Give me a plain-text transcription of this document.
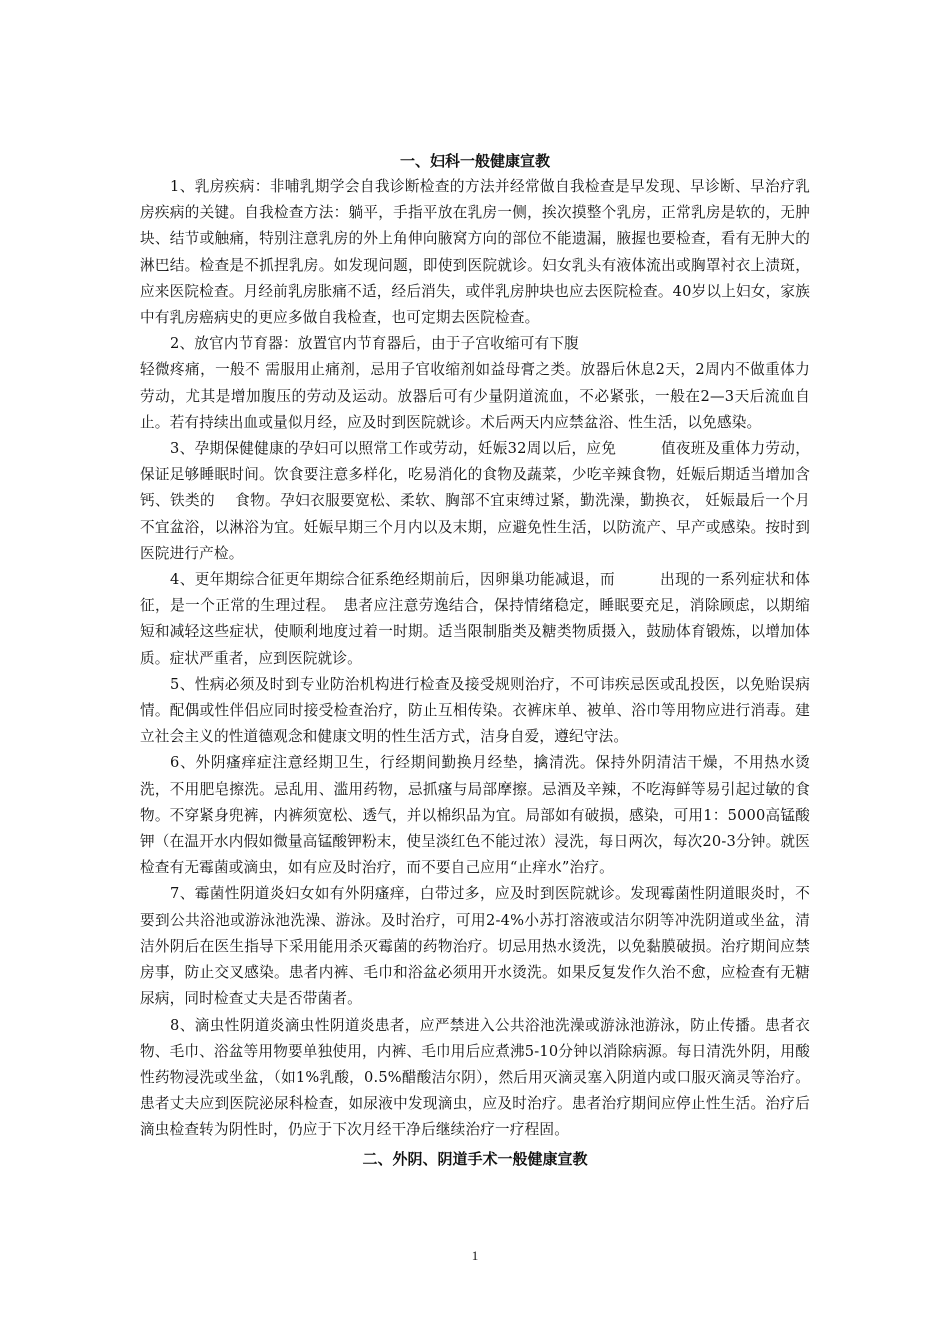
一、妇科一般健康宣教

1、乳房疾病：非哺乳期学会自我诊断检查的方法并经常做自我检查是早发现、早诊断、早治疗乳房疾病的关键。自我检查方法：躺平，手指平放在乳房一侧，挨次摸整个乳房，正常乳房是软的，无肿块、结节或触痛，特别注意乳房的外上角伸向腋窝方向的部位不能遗漏，腋握也要检查，看有无肿大的淋巴结。检查是不抓捏乳房。如发现问题，即使到医院就诊。妇女乳头有液体流出或胸罩衬衣上渍斑，应来医院检查。月经前乳房胀痛不适，经后消失，或伴乳房肿块也应去医院检查。40岁以上妇女，家族中有乳房癌病史的更应多做自我检查，也可定期去医院检查。

2、放官内节育器：放置官内节育器后，由于子宫收缩可有下腹

轻微疼痛，一般不 需服用止痛剂，忌用子官收缩剂如益母膏之类。放器后休息2天，2周内不做重体力劳动，尤其是增加腹压的劳动及运动。放器后可有少量阴道流血，不必紧张，一般在2—3天后流血自止。若有持续出血或量似月经，应及时到医院就诊。术后两天内应禁盆浴、性生活，以免感染。

3、孕期保健健康的孕妇可以照常工作或劳动，妊娠32周以后，应免　　　值夜班及重体力劳动，保证足够睡眠时间。饮食要注意多样化，吃易消化的食物及蔬菜，少吃辛辣食物，妊娠后期适当增加含钙、铁类的　 食物。孕妇衣服要宽松、柔软、胸部不宜束缚过紧，勤洗澡，勤换衣， 妊娠最后一个月不宜盆浴，以淋浴为宜。妊娠早期三个月内以及末期，应避免性生活，以防流产、早产或感染。按时到医院进行产检。

4、更年期综合征更年期综合征系绝经期前后，因卵巢功能减退，而　　　出现的一系列症状和体征，是一个正常的生理过程。　患者应注意劳逸结合，保持情绪稳定，睡眠要充足，消除顾虑，以期缩短和减轻这些症状，使顺利地度过着一时期。适当限制脂类及糖类物质摄入，鼓励体育锻炼，以增加体质。症状严重者，应到医院就诊。

5、性病必须及时到专业防治机构进行检查及接受规则治疗，不可讳疾忌医或乱投医，以免贻误病情。配偶或性伴侣应同时接受检查治疗，防止互相传染。衣裤床单、被单、浴巾等用物应进行消毒。建立社会主义的性道德观念和健康文明的性生活方式，洁身自爱，遵纪守法。

6、外阴瘙痒症注意经期卫生，行经期间勤换月经垫，擒清洗。保持外阴清洁干燥，不用热水烫洗，不用肥皂擦洗。忌乱用、滥用药物，忌抓瘙与局部摩擦。忌酒及辛辣，不吃海鲜等易引起过敏的食物。不穿紧身兜裤，内裤须宽松、透气，并以棉织品为宜。局部如有破损，感染，可用1：5000高锰酸钾（在温开水内假如微量高锰酸钾粉末，使呈淡红色不能过浓）浸洗，每日两次，每次20-3分钟。就医检查有无霉菌或滴虫，如有应及时治疗，而不要自己应用“止痒水”治疗。

7、霉菌性阴道炎妇女如有外阴瘙痒，白带过多，应及时到医院就诊。发现霉菌性阴道眼炎时，不要到公共浴池或游泳池洗澡、游泳。及时治疗，可用2-4%小苏打溶液或洁尔阴等冲洗阴道或坐盆，清洁外阴后在医生指导下采用能用杀灭霉菌的药物治疗。切忌用热水烫洗，以免黏膜破损。治疗期间应禁房事，防止交叉感染。患者内裤、毛巾和浴盆必须用开水烫洗。如果反复发作久治不愈，应检查有无糖尿病，同时检查丈夫是否带菌者。

8、滴虫性阴道炎滴虫性阴道炎患者，应严禁进入公共浴池洗澡或游泳池游泳，防止传播。患者衣物、毛巾、浴盆等用物要单独使用，内裤、毛巾用后应煮沸5-10分钟以消除病源。每日清洗外阴，用酸性药物浸洗或坐盆，（如1%乳酸，0.5%醋酸洁尔阴），然后用灭滴灵塞入阴道内或口服灭滴灵等治疗。患者丈夫应到医院泌尿科检查，如尿液中发现滴虫，应及时治疗。患者治疗期间应停止性生活。治疗后滴虫检查转为阴性时，仍应于下次月经干净后继续治疗一疗程固。

二、外阴、阴道手术一般健康宣教
1
